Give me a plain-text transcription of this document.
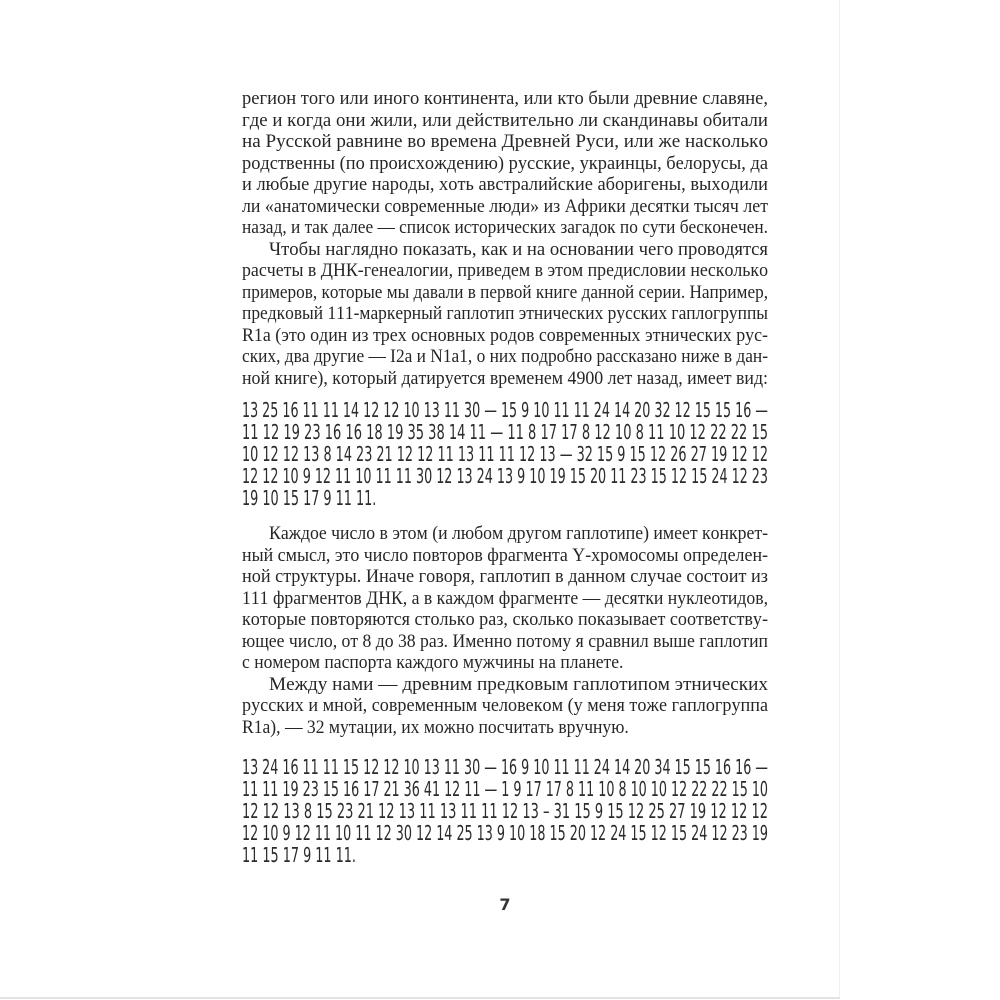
регион того или иного континента, или кто были древние славяне,
где и когда они жили, или действительно ли скандинавы обитали
на Русской равнине во времена Древней Руси, или же насколько
родственны (по происхождению) русские, украинцы, белорусы, да
и любые другие народы, хоть австралийские аборигены, выходили
ли «анатомически современные люди» из Африки десятки тысяч лет
назад, и так далее — список исторических загадок по сути бесконечен.
Чтобы наглядно показать, как и на основании чего проводятся
расчеты в ДНК-генеалогии, приведем в этом предисловии несколько
примеров, которые мы давали в первой книге данной серии. Например,
предковый 111-маркерный гаплотип этнических русских гаплогруппы
R1a (это один из трех основных родов современных этнических рус-
ских, два другие — I2a и N1a1, о них подробно рассказано ниже в дан-
ной книге), который датируется временем 4900 лет назад, имеет вид:
13 25 16 11 11 14 12 12 10 13 11 30 — 15 9 10 11 11 24 14 20 32 12 15 15 16 —
11 12 19 23 16 16 18 19 35 38 14 11 — 11 8 17 17 8 12 10 8 11 10 12 22 22 15
10 12 12 13 8 14 23 21 12 12 11 13 11 11 12 13 — 32 15 9 15 12 26 27 19 12 12
12 12 10 9 12 11 10 11 11 30 12 13 24 13 9 10 19 15 20 11 23 15 12 15 24 12 23
19 10 15 17 9 11 11.
Каждое число в этом (и любом другом гаплотипе) имеет конкрет-
ный смысл, это число повторов фрагмента Y-хромосомы определен-
ной структуры. Иначе говоря, гаплотип в данном случае состоит из
111 фрагментов ДНК, а в каждом фрагменте — десятки нуклеотидов,
которые повторяются столько раз, сколько показывает соответству-
ющее число, от 8 до 38 раз. Именно потому я сравнил выше гаплотип
с номером паспорта каждого мужчины на планете.
Между нами — древним предковым гаплотипом этнических
русских и мной, современным человеком (у меня тоже гаплогруппа
R1a), — 32 мутации, их можно посчитать вручную.
13 24 16 11 11 15 12 12 10 13 11 30 — 16 9 10 11 11 24 14 20 34 15 15 16 16 —
11 11 19 23 15 16 17 21 36 41 12 11 — 1 9 17 17 8 11 10 8 10 10 12 22 22 15 10
12 12 13 8 15 23 21 12 13 11 13 11 11 12 13 – 31 15 9 15 12 25 27 19 12 12 12
12 10 9 12 11 10 11 12 30 12 14 25 13 9 10 18 15 20 12 24 15 12 15 24 12 23 19
11 15 17 9 11 11.
7
